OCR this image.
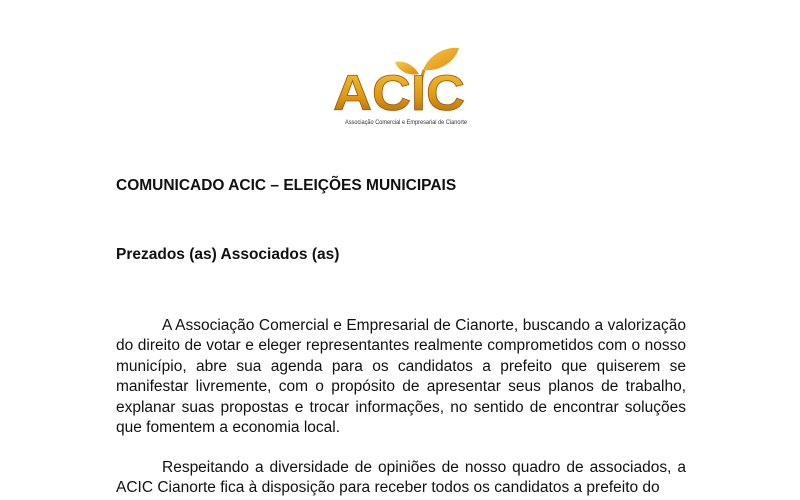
ACIC
Associação Comercial e Empresarial de Cianorte
COMUNICADO ACIC – ELEIÇÕES MUNICIPAIS
Prezados (as) Associados (as)

A Associação Comercial e Empresarial de Cianorte, buscando a valorização do direito de votar e eleger representantes realmente comprometidos com o nosso município, abre sua agenda para os candidatos a prefeito que quiserem se manifestar livremente, com o propósito de apresentar seus planos de trabalho, explanar suas propostas e trocar informações, no sentido de encontrar soluções que fomentem a economia local.

Respeitando a diversidade de opiniões de nosso quadro de associados, a ACIC Cianorte fica à disposição para receber todos os candidatos a prefeito do
